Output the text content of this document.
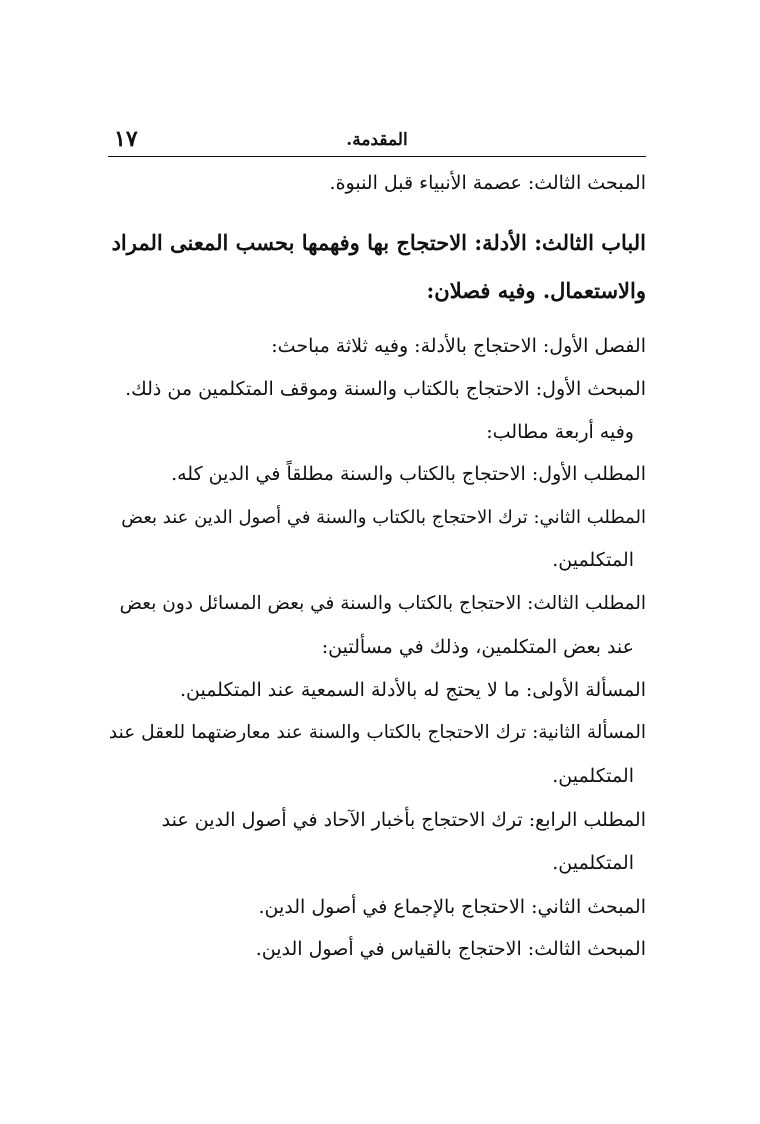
المقدمة.
١٧
المبحث الثالث: عصمة الأنبياء قبل النبوة.
الباب الثالث: الأدلة: الاحتجاج بها وفهمها بحسب المعنى المراد
والاستعمال. وفيه فصلان:
الفصل الأول: الاحتجاج بالأدلة: وفيه ثلاثة مباحث:
المبحث الأول: الاحتجاج بالكتاب والسنة وموقف المتكلمين من ذلك.
وفيه أربعة مطالب:
المطلب الأول: الاحتجاج بالكتاب والسنة مطلقاً في الدين كله.
المطلب الثاني: ترك الاحتجاج بالكتاب والسنة في أصول الدين عند بعض
المتكلمين.
المطلب الثالث: الاحتجاج بالكتاب والسنة في بعض المسائل دون بعض
عند بعض المتكلمين، وذلك في مسألتين:
المسألة الأولى: ما لا يحتج له بالأدلة السمعية عند المتكلمين.
المسألة الثانية: ترك الاحتجاج بالكتاب والسنة عند معارضتهما للعقل عند
المتكلمين.
المطلب الرابع: ترك الاحتجاج بأخبار الآحاد في أصول الدين عند
المتكلمين.
المبحث الثاني: الاحتجاج بالإجماع في أصول الدين.
المبحث الثالث: الاحتجاج بالقياس في أصول الدين.
